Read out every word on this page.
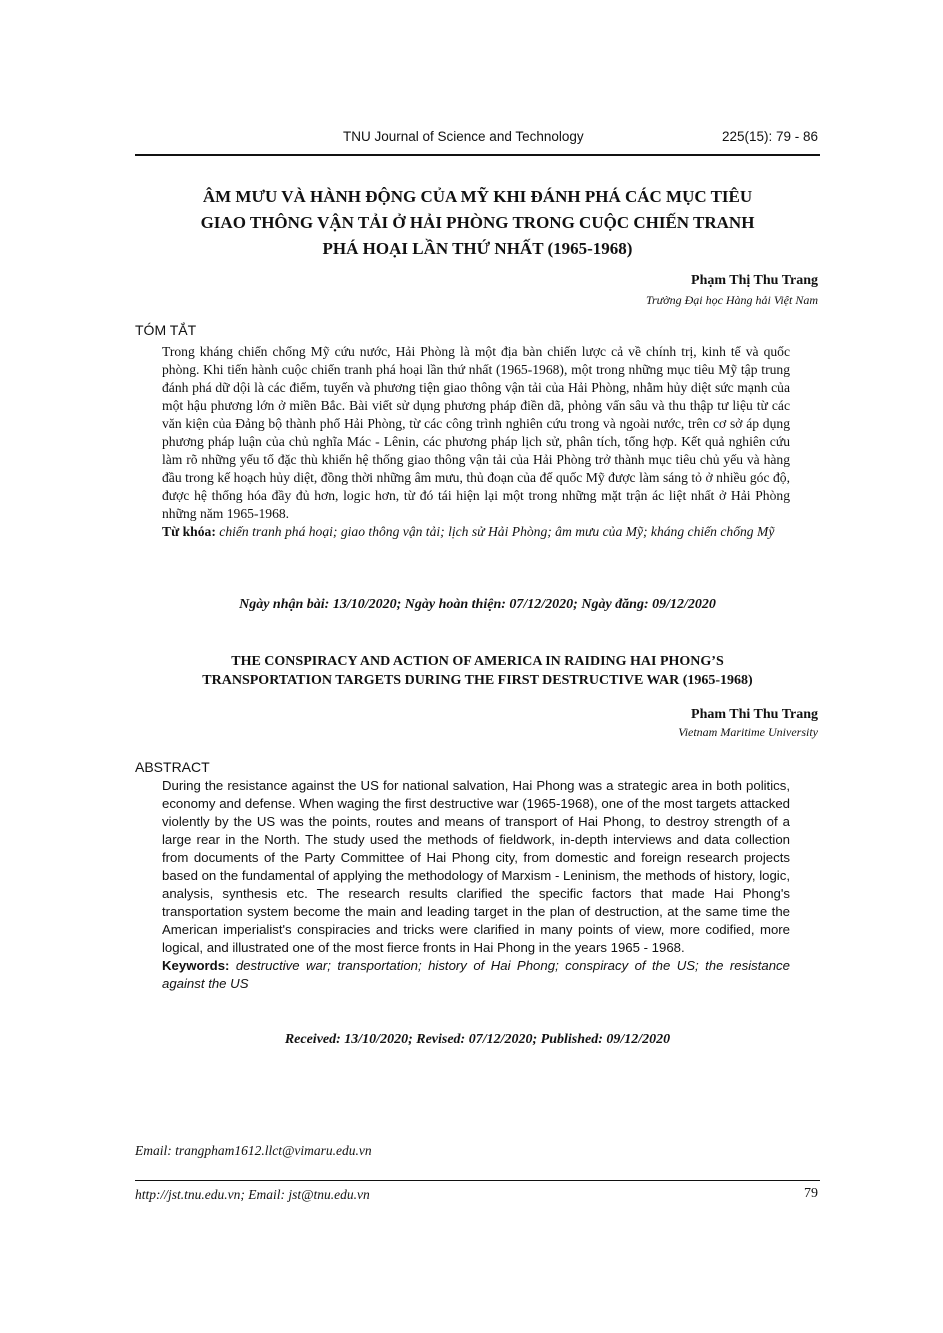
TNU Journal of Science and Technology	225(15): 79 - 86
ÂM MƯU VÀ HÀNH ĐỘNG CỦA MỸ KHI ĐÁNH PHÁ CÁC MỤC TIÊU
GIAO THÔNG VẬN TẢI Ở HẢI PHÒNG TRONG CUỘC CHIẾN TRANH
PHÁ HOẠI LẦN THỨ NHẤT (1965-1968)
Phạm Thị Thu Trang
Trường Đại học Hàng hải Việt Nam
TÓM TẮT
Trong kháng chiến chống Mỹ cứu nước, Hải Phòng là một địa bàn chiến lược cả về chính trị, kinh tế và quốc phòng. Khi tiến hành cuộc chiến tranh phá hoại lần thứ nhất (1965-1968), một trong những mục tiêu Mỹ tập trung đánh phá dữ dội là các điểm, tuyến và phương tiện giao thông vận tải của Hải Phòng, nhằm hủy diệt sức mạnh của một hậu phương lớn ở miền Bắc. Bài viết sử dụng phương pháp điền dã, phỏng vấn sâu và thu thập tư liệu từ các văn kiện của Đảng bộ thành phố Hải Phòng, từ các công trình nghiên cứu trong và ngoài nước, trên cơ sở áp dụng phương pháp luận của chủ nghĩa Mác - Lênin, các phương pháp lịch sử, phân tích, tổng hợp. Kết quả nghiên cứu làm rõ những yếu tố đặc thù khiến hệ thống giao thông vận tải của Hải Phòng trở thành mục tiêu chủ yếu và hàng đầu trong kế hoạch hủy diệt, đồng thời những âm mưu, thủ đoạn của đế quốc Mỹ được làm sáng tỏ ở nhiều góc độ, được hệ thống hóa đầy đủ hơn, logic hơn, từ đó tái hiện lại một trong những mặt trận ác liệt nhất ở Hải Phòng những năm 1965-1968.
Từ khóa: chiến tranh phá hoại; giao thông vận tải; lịch sử Hải Phòng; âm mưu của Mỹ; kháng chiến chống Mỹ
Ngày nhận bài: 13/10/2020; Ngày hoàn thiện: 07/12/2020; Ngày đăng: 09/12/2020
THE CONSPIRACY AND ACTION OF AMERICA IN RAIDING HAI PHONG’S
TRANSPORTATION TARGETS DURING THE FIRST DESTRUCTIVE WAR (1965-1968)
Pham Thi Thu Trang
Vietnam Maritime University
ABSTRACT
During the resistance against the US for national salvation, Hai Phong was a strategic area in both politics, economy and defense. When waging the first destructive war (1965-1968), one of the most targets attacked violently by the US was the points, routes and means of transport of Hai Phong, to destroy strength of a large rear in the North. The study used the methods of fieldwork, in-depth interviews and data collection from documents of the Party Committee of Hai Phong city, from domestic and foreign research projects based on the fundamental of applying the methodology of Marxism - Leninism, the methods of history, logic, analysis, synthesis etc. The research results clarified the specific factors that made Hai Phong's transportation system become the main and leading target in the plan of destruction, at the same time the American imperialist's conspiracies and tricks were clarified in many points of view, more codified, more logical, and illustrated one of the most fierce fronts in Hai Phong in the years 1965 - 1968.
Keywords: destructive war; transportation; history of Hai Phong; conspiracy of the US; the resistance against the US
Received: 13/10/2020; Revised: 07/12/2020; Published: 09/12/2020
Email: trangpham1612.llct@vimaru.edu.vn
http://jst.tnu.edu.vn; Email: jst@tnu.edu.vn	79
